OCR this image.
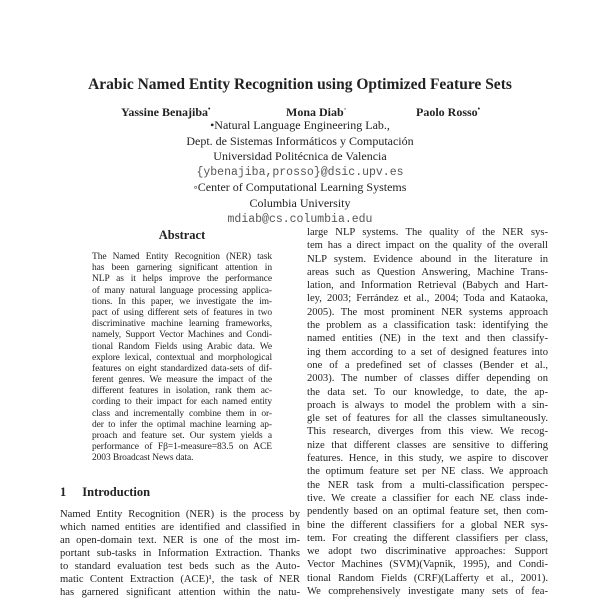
Arabic Named Entity Recognition using Optimized Feature Sets
Yassine Benajiba•	Mona Diab◦	Paolo Rosso•
•Natural Language Engineering Lab.,
Dept. de Sistemas Informáticos y Computación
Universidad Politécnica de Valencia
{ybenajiba,prosso}@dsic.upv.es
◦Center of Computational Learning Systems
Columbia University
mdiab@cs.columbia.edu
Abstract
The Named Entity Recognition (NER) task
has been garnering significant attention in
NLP as it helps improve the performance
of many natural language processing applica-
tions. In this paper, we investigate the im-
pact of using different sets of features in two
discriminative machine learning frameworks,
namely, Support Vector Machines and Condi-
tional Random Fields using Arabic data. We
explore lexical, contextual and morphological
features on eight standardized data-sets of dif-
ferent genres. We measure the impact of the
different features in isolation, rank them ac-
cording to their impact for each named entity
class and incrementally combine them in or-
der to infer the optimal machine learning ap-
proach and feature set. Our system yields a
performance of Fβ=1-measure=83.5 on ACE
2003 Broadcast News data.
1 Introduction
Named Entity Recognition (NER) is the process by
which named entities are identified and classified in
an open-domain text. NER is one of the most im-
portant sub-tasks in Information Extraction. Thanks
to standard evaluation test beds such as the Auto-
matic Content Extraction (ACE)¹, the task of NER
has garnered significant attention within the natu-
large NLP systems. The quality of the NER sys-
tem has a direct impact on the quality of the overall
NLP system. Evidence abound in the literature in
areas such as Question Answering, Machine Trans-
lation, and Information Retrieval (Babych and Hart-
ley, 2003; Ferrández et al., 2004; Toda and Kataoka,
2005). The most prominent NER systems approach
the problem as a classification task: identifying the
named entities (NE) in the text and then classify-
ing them according to a set of designed features into
one of a predefined set of classes (Bender et al.,
2003). The number of classes differ depending on
the data set. To our knowledge, to date, the ap-
proach is always to model the problem with a sin-
gle set of features for all the classes simultaneously.
This research, diverges from this view. We recog-
nize that different classes are sensitive to differing
features. Hence, in this study, we aspire to discover
the optimum feature set per NE class. We approach
the NER task from a multi-classification perspec-
tive. We create a classifier for each NE class inde-
pendently based on an optimal feature set, then com-
bine the different classifiers for a global NER sys-
tem. For creating the different classifiers per class,
we adopt two discriminative approaches: Support
Vector Machines (SVM)(Vapnik, 1995), and Condi-
tional Random Fields (CRF)(Lafferty et al., 2001).
We comprehensively investigate many sets of fea-
